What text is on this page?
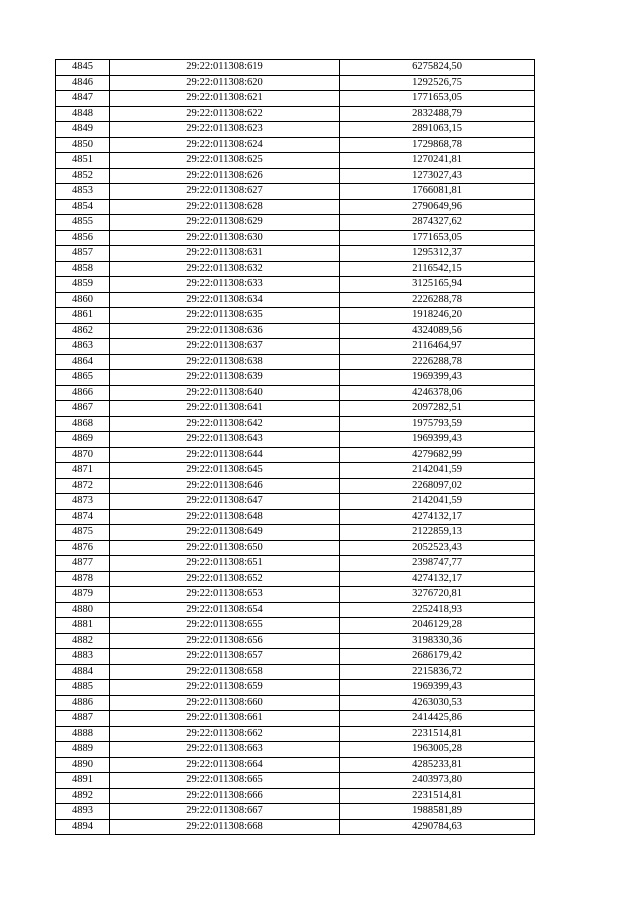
4845	29:22:011308:619	6275824,50
4846	29:22:011308:620	1292526,75
4847	29:22:011308:621	1771653,05
4848	29:22:011308:622	2832488,79
4849	29:22:011308:623	2891063,15
4850	29:22:011308:624	1729868,78
4851	29:22:011308:625	1270241,81
4852	29:22:011308:626	1273027,43
4853	29:22:011308:627	1766081,81
4854	29:22:011308:628	2790649,96
4855	29:22:011308:629	2874327,62
4856	29:22:011308:630	1771653,05
4857	29:22:011308:631	1295312,37
4858	29:22:011308:632	2116542,15
4859	29:22:011308:633	3125165,94
4860	29:22:011308:634	2226288,78
4861	29:22:011308:635	1918246,20
4862	29:22:011308:636	4324089,56
4863	29:22:011308:637	2116464,97
4864	29:22:011308:638	2226288,78
4865	29:22:011308:639	1969399,43
4866	29:22:011308:640	4246378,06
4867	29:22:011308:641	2097282,51
4868	29:22:011308:642	1975793,59
4869	29:22:011308:643	1969399,43
4870	29:22:011308:644	4279682,99
4871	29:22:011308:645	2142041,59
4872	29:22:011308:646	2268097,02
4873	29:22:011308:647	2142041,59
4874	29:22:011308:648	4274132,17
4875	29:22:011308:649	2122859,13
4876	29:22:011308:650	2052523,43
4877	29:22:011308:651	2398747,77
4878	29:22:011308:652	4274132,17
4879	29:22:011308:653	3276720,81
4880	29:22:011308:654	2252418,93
4881	29:22:011308:655	2046129,28
4882	29:22:011308:656	3198330,36
4883	29:22:011308:657	2686179,42
4884	29:22:011308:658	2215836,72
4885	29:22:011308:659	1969399,43
4886	29:22:011308:660	4263030,53
4887	29:22:011308:661	2414425,86
4888	29:22:011308:662	2231514,81
4889	29:22:011308:663	1963005,28
4890	29:22:011308:664	4285233,81
4891	29:22:011308:665	2403973,80
4892	29:22:011308:666	2231514,81
4893	29:22:011308:667	1988581,89
4894	29:22:011308:668	4290784,63
